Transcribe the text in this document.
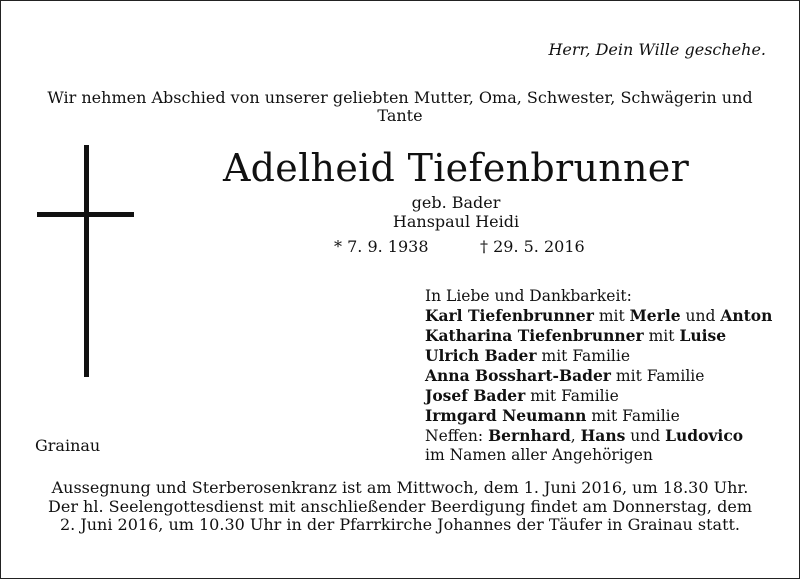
Herr, Dein Wille geschehe.
Wir nehmen Abschied von unserer geliebten Mutter, Oma, Schwester, Schwägerin und
Tante
Adelheid Tiefenbrunner
geb. Bader
Hanspaul Heidi
* 7. 9. 1938	† 29. 5. 2016
In Liebe und Dankbarkeit:
Karl Tiefenbrunner mit Merle und Anton
Katharina Tiefenbrunner mit Luise
Ulrich Bader mit Familie
Anna Bosshart-Bader mit Familie
Josef Bader mit Familie
Irmgard Neumann mit Familie
Neffen: Bernhard, Hans und Ludovico
im Namen aller Angehörigen
Grainau
Aussegnung und Sterberosenkranz ist am Mittwoch, dem 1. Juni 2016, um 18.30 Uhr.
Der hl. Seelengottesdienst mit anschließender Beerdigung findet am Donnerstag, dem
2. Juni 2016, um 10.30 Uhr in der Pfarrkirche Johannes der Täufer in Grainau statt.
